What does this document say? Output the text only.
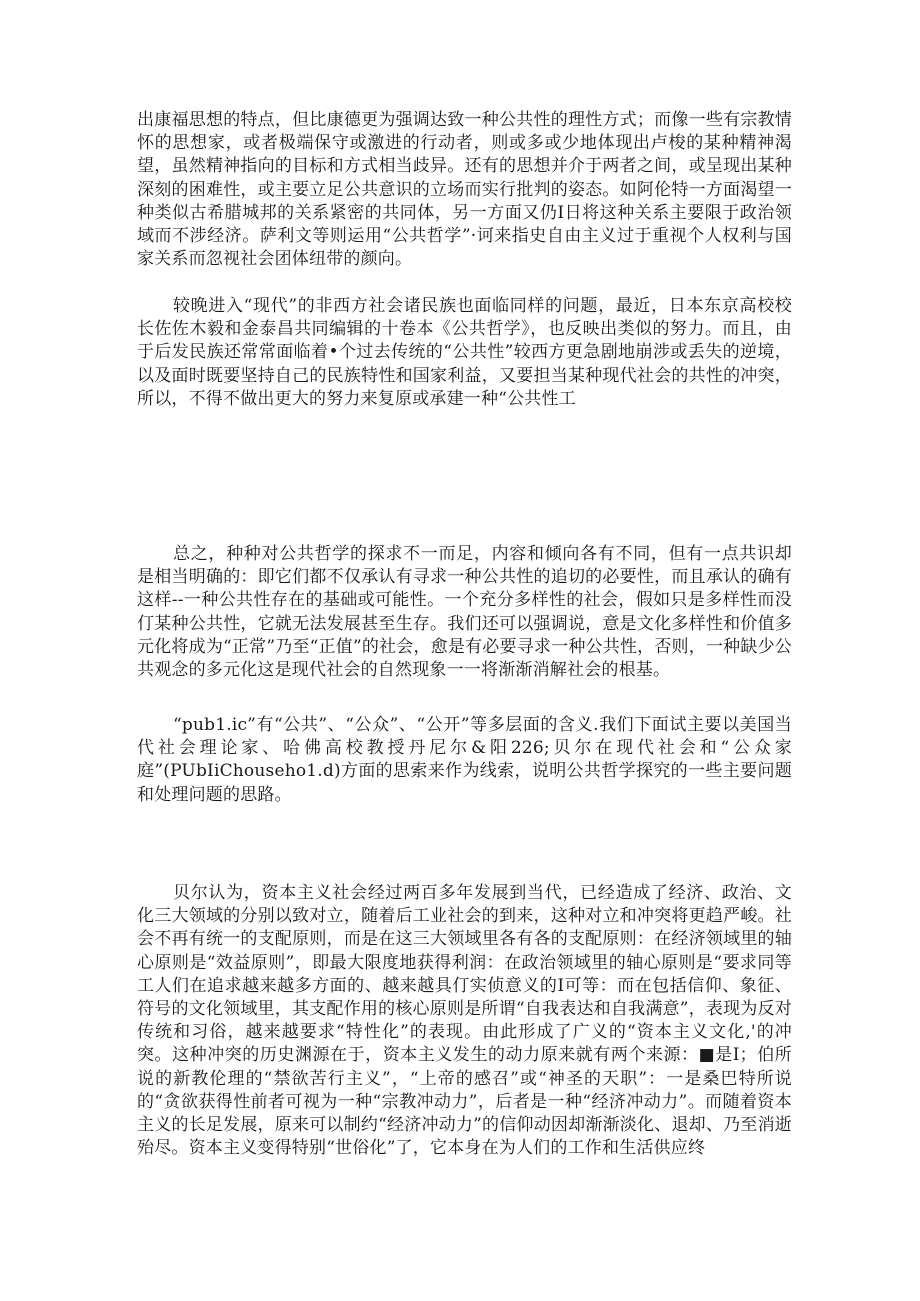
出康福思想的特点，但比康德更为强调达致一种公共性的理性方式；而像一些有宗教情怀的思想家，或者极端保守或激进的行动者，则或多或少地体现出卢梭的某种精神渴望，虽然精神指向的目标和方式相当歧异。还有的思想并介于两者之间，或呈现出某种深刻的困难性，或主要立足公共意识的立场而实行批判的姿态。如阿伦特一方面渴望一种类似古希腊城邦的关系紧密的共同体，另一方面又仍I日将这种关系主要限于政治领域而不涉经济。萨利文等则运用“公共哲学”·诃来指史自由主义过于重视个人权利与国家关系而忽视社会团体纽带的颜向。

较晚进入“现代”的非西方社会诸民族也面临同样的问题，最近，日本东京高校校长佐佐木毅和金泰昌共同编辑的十卷本《公共哲学》，也反映出类似的努力。而且，由于后发民族还常常面临着•个过去传统的“公共性”较西方更急剧地崩涉或丢失的逆境，以及面时既要坚持自己的民族特性和国家利益，又要担当某种现代社会的共性的冲突，所以，不得不做出更大的努力来复原或承建一种“公共性工

总之，种种对公共哲学的探求不一而足，内容和倾向各有不同，但有一点共识却是相当明确的：即它们都不仅承认有寻求一种公共性的追切的必要性，而且承认的确有这样--一种公共性存在的基础或可能性。一个充分多样性的社会，假如只是多样性而没仃某种公共性，它就无法发展甚至生存。我们还可以强调说，意是文化多样性和价值多元化将成为“正常”乃至“正值”的社会，愈是有必要寻求一种公共性，否则，一种缺少公共观念的多元化这是现代社会的自然现象一一将渐渐消解社会的根基。

“pub1.ic”有“公共”、“公众”、“公开”等多层面的含义.我们下面试主要以美国当代社会理论家、哈佛高校教授丹尼尔&阳226;贝尔在现代社会和“公众家庭”(PUbIiChouseho1.d)方面的思索来作为线索，说明公共哲学探究的一些主要问题和处理问题的思路。

贝尔认为，资本主义社会经过两百多年发展到当代，已经造成了经济、政治、文化三大领域的分别以致对立，随着后工业社会的到来，这种对立和冲突将更趋严峻。社会不再有统一的支配原则，而是在这三大领域里各有各的支配原则：在经济领域里的轴心原则是“效益原则”，即最大限度地获得利润：在政治领域里的轴心原则是“要求同等工人们在追求越来越多方面的、越来越具仃实侦意义的I可等：而在包括信仰、象征、符号的文化领域里，其支配作用的核心原则是所谓“自我表达和自我满意”，表现为反对传统和习俗，越来越要求“特性化”的表现。由此形成了广义的“资本主义文化,'的冲突。这种冲突的历史渊源在于，资本主义发生的动力原来就有两个来源：■是I；伯所说的新教伦理的“禁欲苦行主义”，“上帝的感召”或“神圣的天职”：一是桑巴特所说的“贪欲获得性前者可视为一种“宗教冲动力”，后者是一种“经济冲动力”。而随着资本主义的长足发展，原来可以制约“经济冲动力”的信仰动因却渐渐淡化、退却、乃至消逝殆尽。资本主义变得特别“世俗化”了，它本身在为人们的工作和生活供应终
